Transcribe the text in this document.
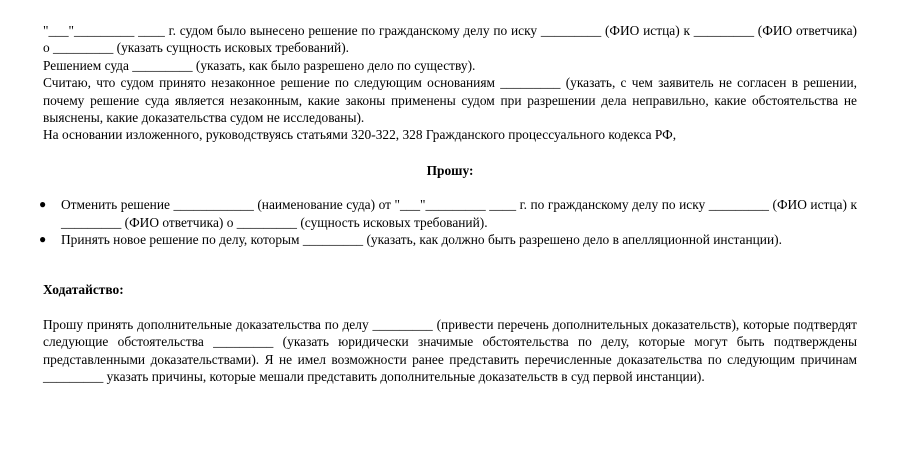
"___"_________ ____ г. судом было вынесено решение по гражданскому делу по иску _________ (ФИО истца) к _________ (ФИО ответчика) о _________ (указать сущность исковых требований).

Решением суда _________ (указать, как было разрешено дело по существу).

Считаю, что судом принято незаконное решение по следующим основаниям _________ (указать, с чем заявитель не согласен в решении, почему решение суда является незаконным, какие законы применены судом при разрешении дела неправильно, какие обстоятельства не выяснены, какие доказательства судом не исследованы).

На основании изложенного, руководствуясь статьями 320-322, 328 Гражданского процессуального кодекса РФ,

Прошу:

● Отменить решение ____________ (наименование суда) от "___"_________ ____ г. по гражданскому делу по иску _________ (ФИО истца) к _________ (ФИО ответчика) о _________ (сущность исковых требований).
● Принять новое решение по делу, которым _________ (указать, как должно быть разрешено дело в апелляционной инстанции).

Ходатайство:

Прошу принять дополнительные доказательства по делу _________ (привести перечень дополнительных доказательств), которые подтвердят следующие обстоятельства _________ (указать юридически значимые обстоятельства по делу, которые могут быть подтверждены представленными доказательствами). Я не имел возможности ранее представить перечисленные доказательства по следующим причинам _________ указать причины, которые мешали представить дополнительные доказательств в суд первой инстанции).
